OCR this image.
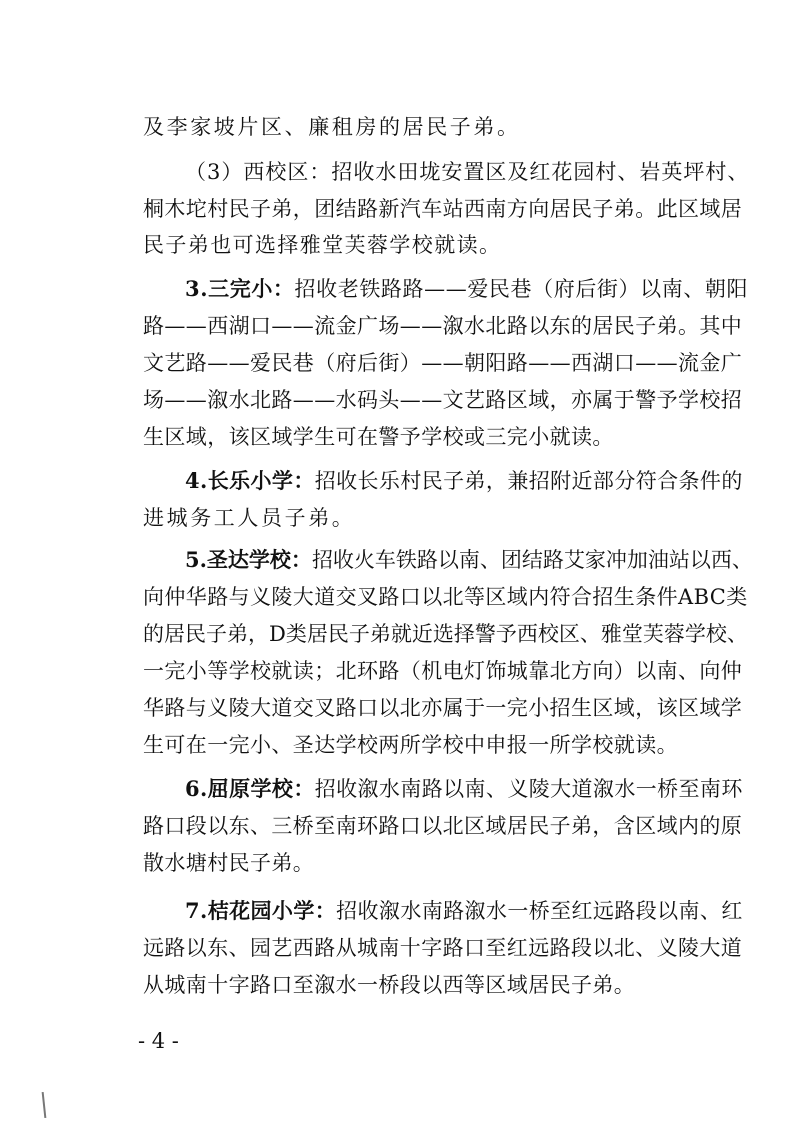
及李家坡片区、廉租房的居民子弟。
（3）西校区：招收水田垅安置区及红花园村、岩英坪村、
桐木坨村民子弟，团结路新汽车站西南方向居民子弟。此区域居
民子弟也可选择雅堂芙蓉学校就读。
3.三完小：招收老铁路路——爱民巷（府后街）以南、朝阳
路——西湖口——流金广场——溆水北路以东的居民子弟。其中
文艺路——爱民巷（府后街）——朝阳路——西湖口——流金广
场——溆水北路——水码头——文艺路区域，亦属于警予学校招
生区域，该区域学生可在警予学校或三完小就读。
4.长乐小学：招收长乐村民子弟，兼招附近部分符合条件的
进城务工人员子弟。
5.圣达学校：招收火车铁路以南、团结路艾家冲加油站以西、
向仲华路与义陵大道交叉路口以北等区域内符合招生条件ABC类
的居民子弟，D类居民子弟就近选择警予西校区、雅堂芙蓉学校、
一完小等学校就读；北环路（机电灯饰城靠北方向）以南、向仲
华路与义陵大道交叉路口以北亦属于一完小招生区域，该区域学
生可在一完小、圣达学校两所学校中申报一所学校就读。
6.屈原学校：招收溆水南路以南、义陵大道溆水一桥至南环
路口段以东、三桥至南环路口以北区域居民子弟，含区域内的原
散水塘村民子弟。
7.桔花园小学：招收溆水南路溆水一桥至红远路段以南、红
远路以东、园艺西路从城南十字路口至红远路段以北、义陵大道
从城南十字路口至溆水一桥段以西等区域居民子弟。
- 4 -
